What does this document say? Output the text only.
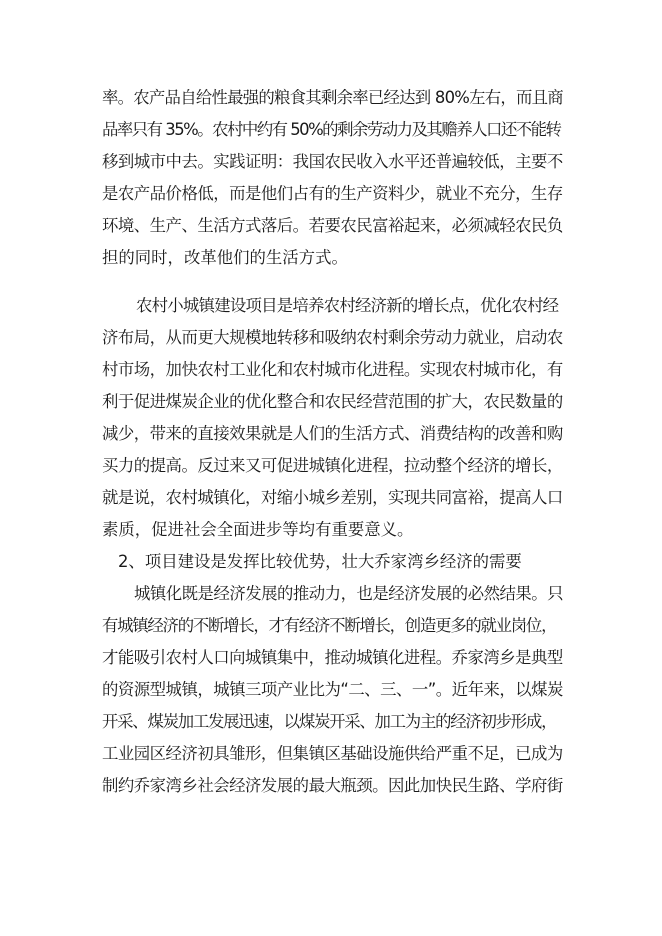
率。农产品自给性最强的粮食其剩余率已经达到 80%左右，而且商
品率只有 35%。农村中约有 50%的剩余劳动力及其赡养人口还不能转
移到城市中去。实践证明：我国农民收入水平还普遍较低，主要不
是农产品价格低，而是他们占有的生产资料少，就业不充分，生存
环境、生产、生活方式落后。若要农民富裕起来，必须减轻农民负
担的同时，改革他们的生活方式。
农村小城镇建设项目是培养农村经济新的增长点，优化农村经
济布局，从而更大规模地转移和吸纳农村剩余劳动力就业，启动农
村市场，加快农村工业化和农村城市化进程。实现农村城市化，有
利于促进煤炭企业的优化整合和农民经营范围的扩大，农民数量的
减少，带来的直接效果就是人们的生活方式、消费结构的改善和购
买力的提高。反过来又可促进城镇化进程，拉动整个经济的增长，
就是说，农村城镇化，对缩小城乡差别，实现共同富裕，提高人口
素质，促进社会全面进步等均有重要意义。
2、项目建设是发挥比较优势，壮大乔家湾乡经济的需要
城镇化既是经济发展的推动力，也是经济发展的必然结果。只
有城镇经济的不断增长，才有经济不断增长，创造更多的就业岗位，
才能吸引农村人口向城镇集中，推动城镇化进程。乔家湾乡是典型
的资源型城镇，城镇三项产业比为“二、三、一”。近年来，以煤炭
开采、煤炭加工发展迅速，以煤炭开采、加工为主的经济初步形成，
工业园区经济初具雏形，但集镇区基础设施供给严重不足，已成为
制约乔家湾乡社会经济发展的最大瓶颈。因此加快民生路、学府街
